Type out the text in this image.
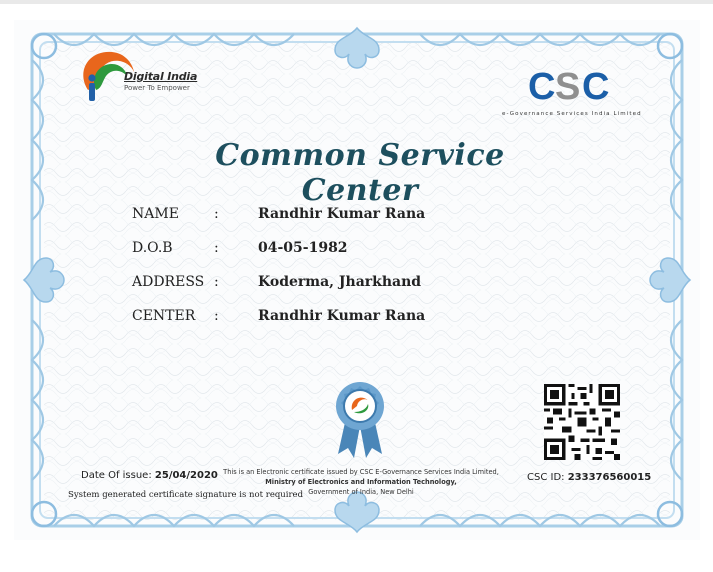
Digital India
Power To Empower	C S C
e-Governance Services India Limited
Common Service Center
NAME	:	Randhir Kumar Rana
D.O.B	:	04-05-1982
ADDRESS :	Koderma, Jharkhand
CENTER	:	Randhir Kumar Rana
Date Of issue: 25/04/2020
System generated certificate signature is not required
This is an Electronic certificate issued by CSC E-Governance Services India Limited,
Ministry of Electronics and Information Technology,
Government of India, New Delhi
CSC ID: 233376560015
